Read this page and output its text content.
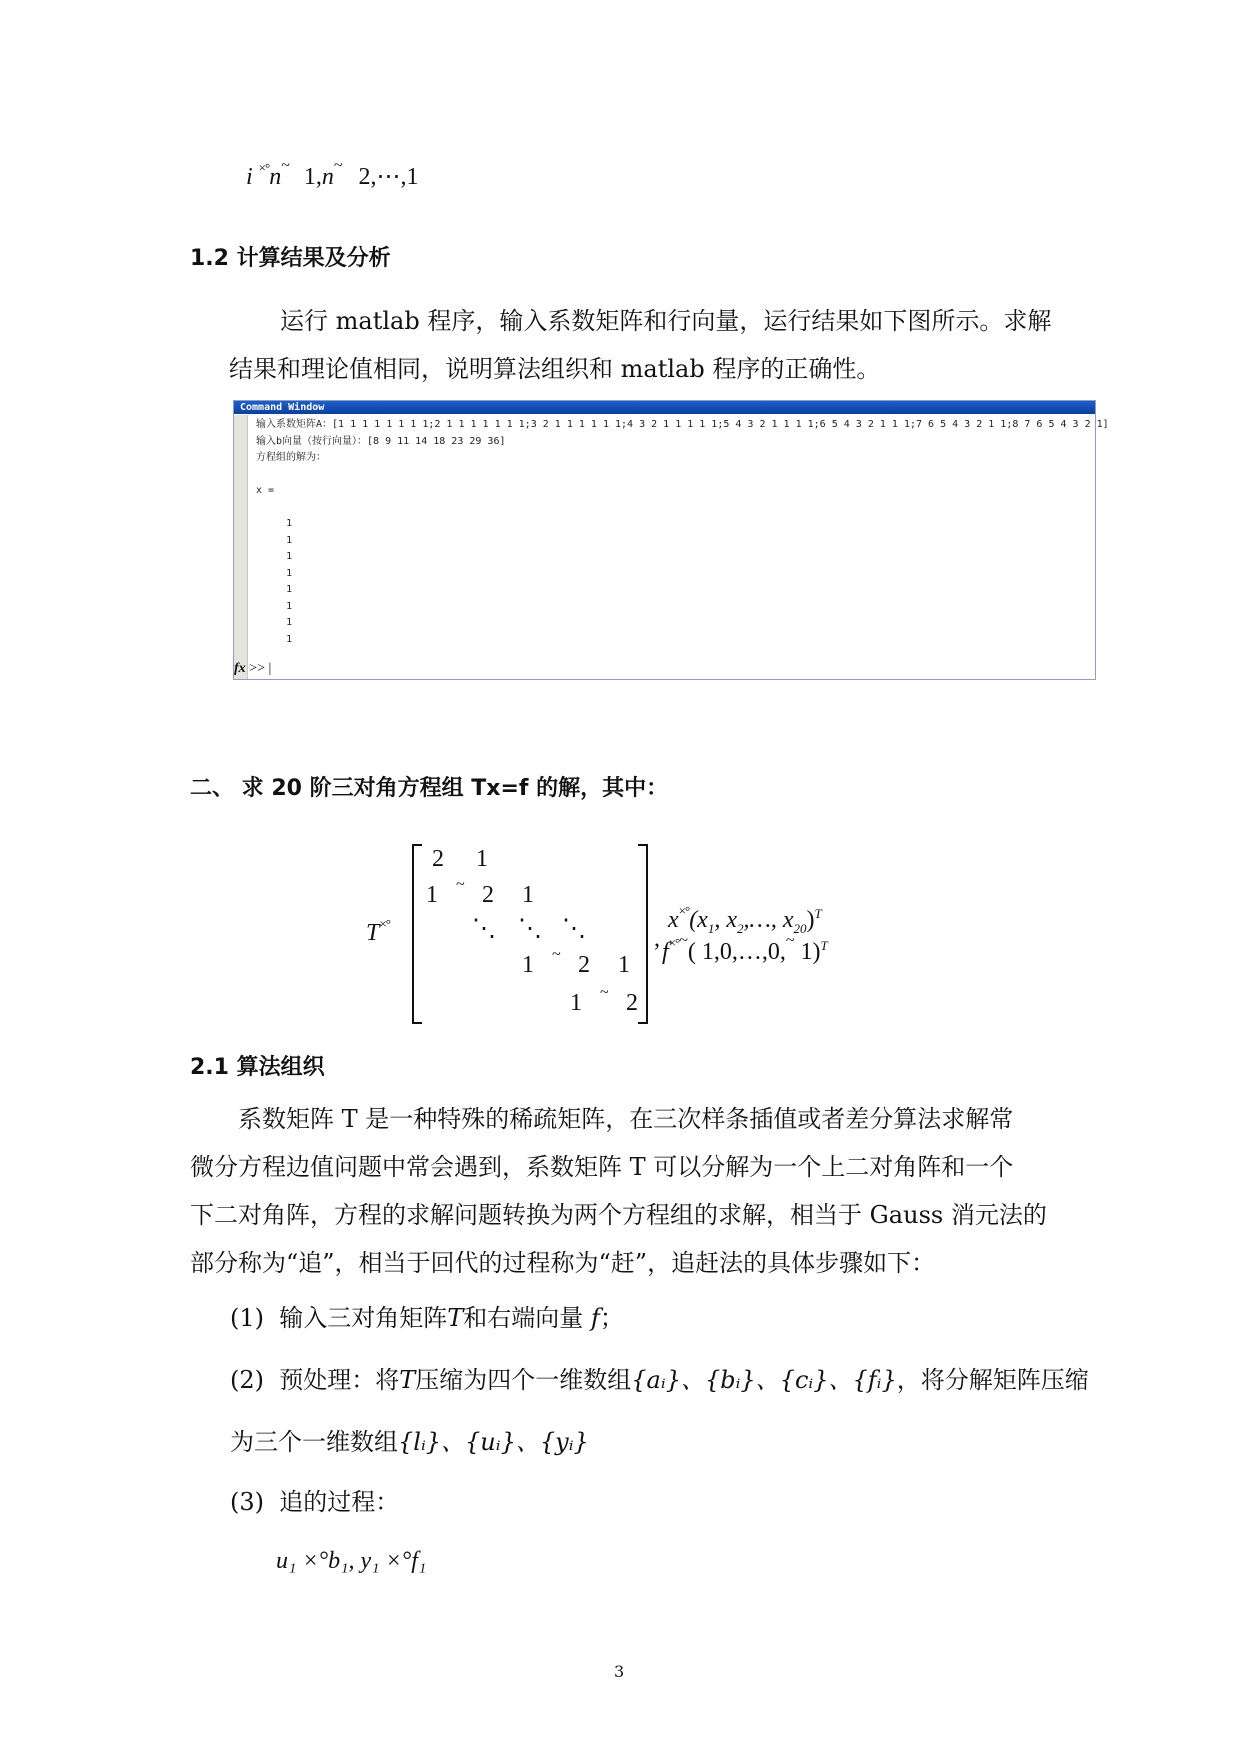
i ×°n~ 1,n~ 2,⋯,1
1.2 计算结果及分析
运行 matlab 程序，输入系数矩阵和行向量，运行结果如下图所示。求解
结果和理论值相同，说明算法组织和 matlab 程序的正确性。
Command Window
输入系数矩阵A：[1 1 1 1 1 1 1 1;2 1 1 1 1 1 1 1;3 2 1 1 1 1 1 1;4 3 2 1 1 1 1 1;5 4 3 2 1 1 1 1;6 5 4 3 2 1 1 1;7 6 5 4 3 2 1 1;8 7 6 5 4 3 2 1]
输入b向量（按行向量）：[8 9 11 14 18 23 29 36]
方程组的解为：

x =

1
1
1
1
1
1
1
1
fx >> |
二、 求 20 阶三对角方程组 Tx=f 的解，其中：
T×°
2 1
1 ~ 2 1
⋱ ⋱ ⋱
1 ~ 2 1
1 ~ 2
,
$x^{\times^\circ}(x_1$, $x_2,\dots$, $x_{20})^T$
f×°~( 1,0,…,0,~ 1)$^T$
2.1 算法组织
系数矩阵 T 是一种特殊的稀疏矩阵，在三次样条插值或者差分算法求解常
微分方程边值问题中常会遇到，系数矩阵 T 可以分解为一个上二对角阵和一个
下二对角阵，方程的求解问题转换为两个方程组的求解，相当于 Gauss 消元法的
部分称为“追”，相当于回代的过程称为“赶”，追赶法的具体步骤如下：
(1) 输入三对角矩阵T和右端向量 f；
(2) 预处理：将T压缩为四个一维数组{aᵢ}、{bᵢ}、{cᵢ}、{fᵢ}，将分解矩阵压缩
为三个一维数组{lᵢ}、{uᵢ}、{yᵢ}
(3) 追的过程：
u₁ ×°b₁, y₁ ×°f₁
3
